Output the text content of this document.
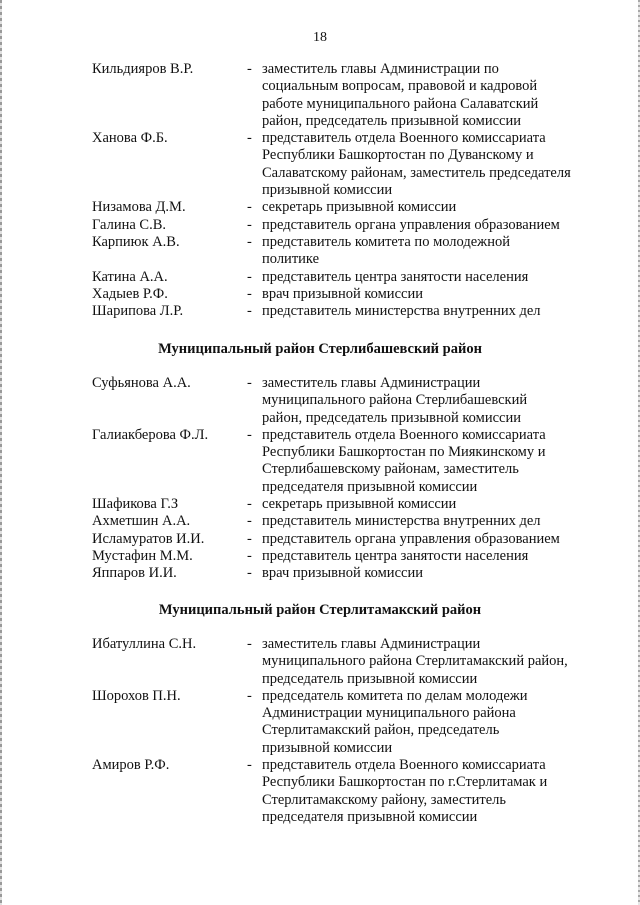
18
Кильдияров В.Р.	- заместитель главы Администрации по
социальным вопросам, правовой и кадровой
работе муниципального района Салаватский
район, председатель призывной комиссии
Ханова Ф.Б.	- представитель отдела Военного комиссариата
Республики Башкортостан по Дуванскому и
Салаватскому районам, заместитель председателя
призывной комиссии
Низамова Д.М.	- секретарь призывной комиссии
Галина С.В.	- представитель органа управления образованием
Карпиюк А.В.	- представитель комитета по молодежной
политике
Катина А.А.	- представитель центра занятости населения
Хадыев Р.Ф.	- врач призывной комиссии
Шарипова Л.Р.	- представитель министерства внутренних дел
Муниципальный район Стерлибашевский район
Суфьянова А.А.	- заместитель главы Администрации
муниципального района Стерлибашевский
район, председатель призывной комиссии
Галиакберова Ф.Л.	- представитель отдела Военного комиссариата
Республики Башкортостан по Миякинскому и
Стерлибашевскому районам, заместитель
председателя призывной комиссии
Шафикова Г.З	- секретарь призывной комиссии
Ахметшин А.А.	- представитель министерства внутренних дел
Исламуратов И.И.	- представитель органа управления образованием
Мустафин М.М.	- представитель центра занятости населения
Яппаров И.И.	- врач призывной комиссии
Муниципальный район Стерлитамакский район
Ибатуллина С.Н.	- заместитель главы Администрации
муниципального района Стерлитамакский район,
председатель призывной комиссии
Шорохов П.Н.	- председатель комитета по делам молодежи
Администрации муниципального района
Стерлитамакский район, председатель
призывной комиссии
Амиров Р.Ф.	- представитель отдела Военного комиссариата
Республики Башкортостан по г.Стерлитамак и
Стерлитамакскому району, заместитель
председателя призывной комиссии
